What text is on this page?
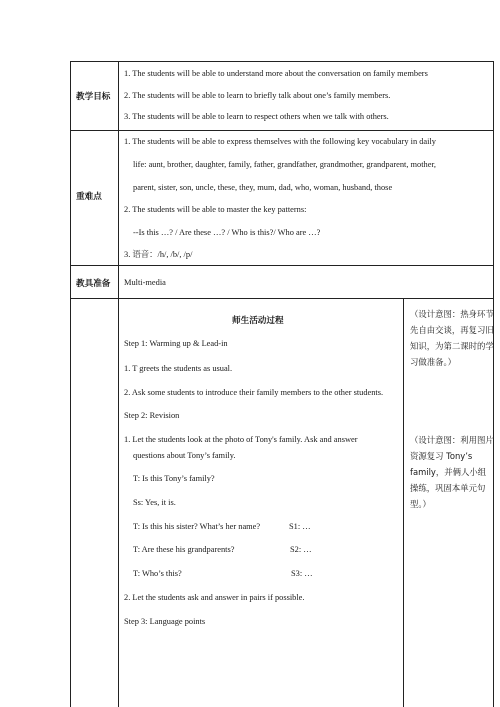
教学目标
1. The students will be able to understand more about the conversation on family members
2. The students will be able to learn to briefly talk about one’s family members.
3. The students will be able to learn to respect others when we talk with others.
重难点
1. The students will be able to express themselves with the following key vocabulary in daily
life: aunt, brother, daughter, family, father, grandfather, grandmother, grandparent, mother,
parent, sister, son, uncle, these, they, mum, dad, who, woman, husband, those
2. The students will be able to master the key patterns:
--Is this …? / Are these …? / Who is this?/ Who are …?
3. 语音：/h/, /b/, /p/
教具准备 Multi-media
师生活动过程
Step 1: Warming up & Lead-in
1. T greets the students as usual.
2. Ask some students to introduce their family members to the other students.
Step 2: Revision
1. Let the students look at the photo of Tony's family. Ask and answer
questions about Tony’s family.
T: Is this Tony’s family?
Ss: Yes, it is.
T: Is this his sister? What’s her name?	S1: …
T: Are these his grandparents?	S2: …
T: Who’s this?	S3: …
2. Let the students ask and answer in pairs if possible.
Step 3: Language points
（设计意图：热身环节先自由交谈，再复习旧知识，为第二课时的学习做准备。）
（设计意图：利用图片资源复习 Tony’s family，并俩人小组操练，巩固本单元句型。）
